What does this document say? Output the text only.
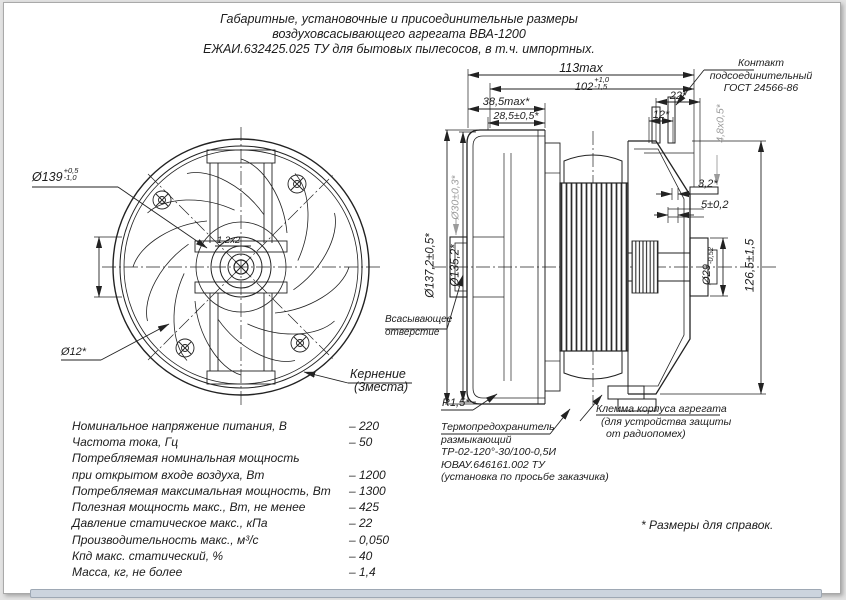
Габаритные, установочные и присоединительные размеры
воздуховсасывающего агрегата ВВА-1200
ЕЖАИ.632425.025 ТУ для бытовых пылесосов, в т.ч. импортных.
113max
102
+1,0
-1,5
38,5max*
28,5±0,5*
22*
12*
Ø137,2±0,5* Ø135,2*
Ø30±0,3*
4,8х0,5*
3,2*
5±0,2
$Ø29_{-0,52}$ 126,5±1,5
Ø139 +0,5
-1,0
Ø12*
1,2х2
Кернение
(3места)
Контакт
подсоединительный
ГОСТ 24566-86
Всасывающее
отверстие
R1,5*
Термопредохранитель
размыкающий
ТР-02-120°-30/100-0,5И
ЮВАУ.646161.002 ТУ
(установка по просьбе заказчика)
Клемма корпуса агрегата
(для устройства защиты
от радиопомех)
Номинальное напряжение питания, В	– 220
Частота тока, Гц	– 50
Потребляемая номинальная мощность
при открытом входе воздуха, Вт	– 1200
Потребляемая максимальная мощность, Вт – 1300
Полезная мощность макс., Вт, не менее	– 425
Давление статическое макс., кПа	– 22
Производительность макс., м³/с	– 0,050
Кпд макс. статический, %	– 40
Масса, кг, не более	– 1,4
* Размеры для справок.
